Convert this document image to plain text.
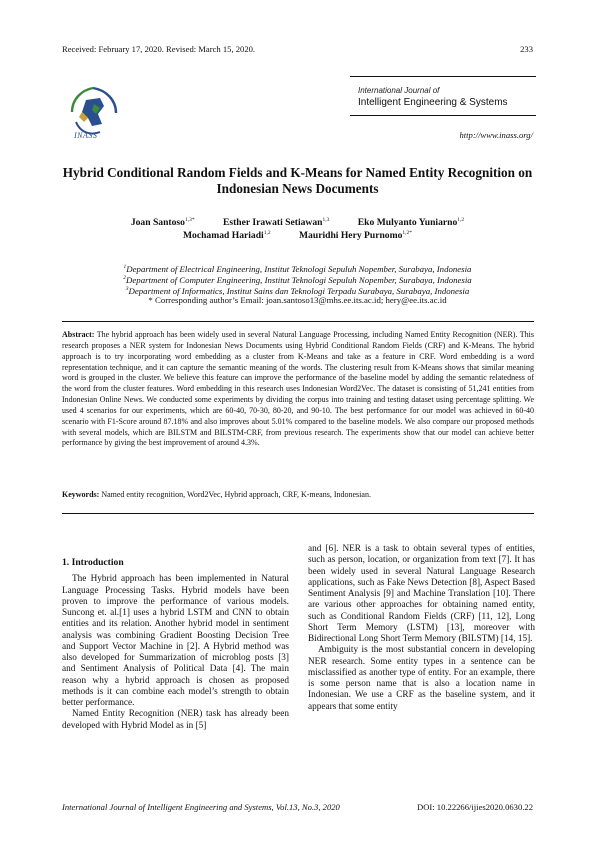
Received: February 17, 2020. Revised: March 15, 2020.	233
INASS
International Journal of
Intelligent Engineering & Systems
http://www.inass.org/
Hybrid Conditional Random Fields and K-Means for Named Entity Recognition on Indonesian News Documents
Joan Santoso$^{1,3*}$	Esther Irawati Setiawan$^{1,3}$	Eko Mulyanto Yuniarno$^{1,2}$
Mochamad Hariadi$^{1,2}$	Mauridhi Hery Purnomo$^{1,2*}$
$^1$Department of Electrical Engineering, Institut Teknologi Sepuluh Nopember, Surabaya, Indonesia
$^2$Department of Computer Engineering, Institut Teknologi Sepuluh Nopember, Surabaya, Indonesia
$^3$Department of Informatics, Institut Sains dan Teknologi Terpadu Surabaya, Surabaya, Indonesia
* Corresponding author’s Email: joan.santoso13@mhs.ee.its.ac.id; hery@ee.its.ac.id
Abstract: The hybrid approach has been widely used in several Natural Language Processing, including Named Entity Recognition (NER). This research proposes a NER system for Indonesian News Documents using Hybrid Conditional Random Fields (CRF) and K-Means. The hybrid approach is to try incorporating word embedding as a cluster from K-Means and take as a feature in CRF. Word embedding is a word representation technique, and it can capture the semantic meaning of the words. The clustering result from K-Means shows that similar meaning word is grouped in the cluster. We believe this feature can improve the performance of the baseline model by adding the semantic relatedness of the word from the cluster features. Word embedding in this research uses Indonesian Word2Vec. The dataset is consisting of 51,241 entities from Indonesian Online News. We conducted some experiments by dividing the corpus into training and testing dataset using percentage splitting. We used 4 scenarios for our experiments, which are 60-40, 70-30, 80-20, and 90-10. The best performance for our model was achieved in 60-40 scenario with F1-Score around 87.18% and also improves about 5.01% compared to the baseline models. We also compare our proposed methods with several models, which are BILSTM and BILSTM-CRF, from previous research. The experiments show that our model can achieve better performance by giving the best improvement of around 4.3%.
Keywords: Named entity recognition, Word2Vec, Hybrid approach, CRF, K-means, Indonesian.
1. Introduction

The Hybrid approach has been implemented in Natural Language Processing Tasks. Hybrid models have been proven to improve the performance of various models. Suncong et. al.[1] uses a hybrid LSTM and CNN to obtain entities and its relation. Another hybrid model in sentiment analysis was combining Gradient Boosting Decision Tree and Support Vector Machine in [2]. A Hybrid method was also developed for Summarization of microblog posts [3] and Sentiment Analysis of Political Data [4]. The main reason why a hybrid approach is chosen as proposed methods is it can combine each model’s strength to obtain better performance.

Named Entity Recognition (NER) task has already been developed with Hybrid Model as in [5]

and [6]. NER is a task to obtain several types of entities, such as person, location, or organization from text [7]. It has been widely used in several Natural Language Research applications, such as Fake News Detection [8], Aspect Based Sentiment Analysis [9] and Machine Translation [10]. There are various other approaches for obtaining named entity, such as Conditional Random Fields (CRF) [11, 12], Long Short Term Memory (LSTM) [13], moreover with Bidirectional Long Short Term Memory (BILSTM) [14, 15].

Ambiguity is the most substantial concern in developing NER research. Some entity types in a sentence can be misclassified as another type of entity. For an example, there is some person name that is also a location name in Indonesian. We use a CRF as the baseline system, and it appears that some entity

International Journal of Intelligent Engineering and Systems, Vol.13, No.3, 2020	DOI: 10.22266/ijies2020.0630.22
